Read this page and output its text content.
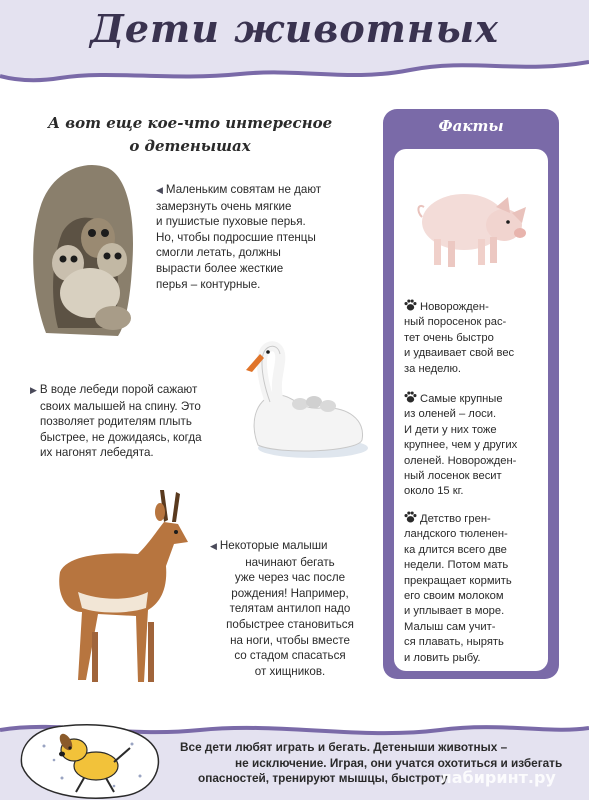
Дети животных
А вот еще кое-что интересное
о детенышах
◀ Маленьким совятам не дают
замерзнуть очень мягкие
и пушистые пуховые перья.
Но, чтобы подросшие птенцы
смогли летать, должны
вырасти более жесткие
перья – контурные.
▶ В воде лебеди порой сажают
своих малышей на спину. Это
позволяет родителям плыть
быстрее, не дожидаясь, когда
их нагонят лебедята.
◀ Некоторые малыши
начинают бегать
уже через час после
рождения! Например,
телятам антилоп надо
побыстрее становиться
на ноги, чтобы вместе
со стадом спасаться
от хищников.
Факты
Новорожден-
ный поросенок рас-
тет очень быстро
и удваивает свой вес
за неделю.
Самые крупные
из оленей – лоси.
И дети у них тоже
крупнее, чем у других
оленей. Новорожден-
ный лосенок весит
около 15 кг.
Детство грен-
ландского тюленен-
ка длится всего две
недели. Потом мать
прекращает кормить
его своим молоком
и уплывает в море.
Малыш сам учит-
ся плавать, нырять
и ловить рыбу.
Все дети любят играть и бегать. Детеныши животных –
не исключение. Играя, они учатся охотиться и избегать
опасностей, тренируют мышцы, быстроту
лабиринт.ру
